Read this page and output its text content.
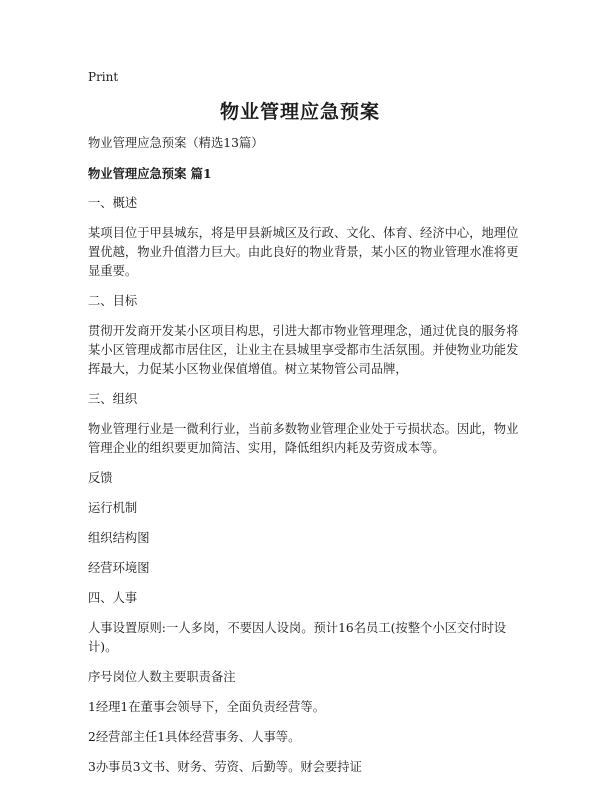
Print
物业管理应急预案

物业管理应急预案（精选13篇）

物业管理应急预案 篇1

一、概述

某项目位于甲县城东，将是甲县新城区及行政、文化、体育、经济中心，地理位置优越，物业升值潜力巨大。由此良好的物业背景，某小区的物业管理水准将更显重要。

二、目标

贯彻开发商开发某小区项目构思，引进大都市物业管理理念，通过优良的服务将某小区管理成都市居住区，让业主在县城里享受都市生活氛围。并使物业功能发挥最大，力促某小区物业保值增值。树立某物管公司品牌，

三、组织

物业管理行业是一微利行业，当前多数物业管理企业处于亏损状态。因此，物业管理企业的组织要更加简洁、实用，降低组织内耗及劳资成本等。

反馈

运行机制

组织结构图

经营环境图

四、人事

人事设置原则:一人多岗，不要因人设岗。预计16名员工(按整个小区交付时设计)。

序号岗位人数主要职责备注

1经理1在董事会领导下，全面负责经营等。

2经营部主任1具体经营事务、人事等。

3办事员3文书、财务、劳资、后勤等。财会要持证
